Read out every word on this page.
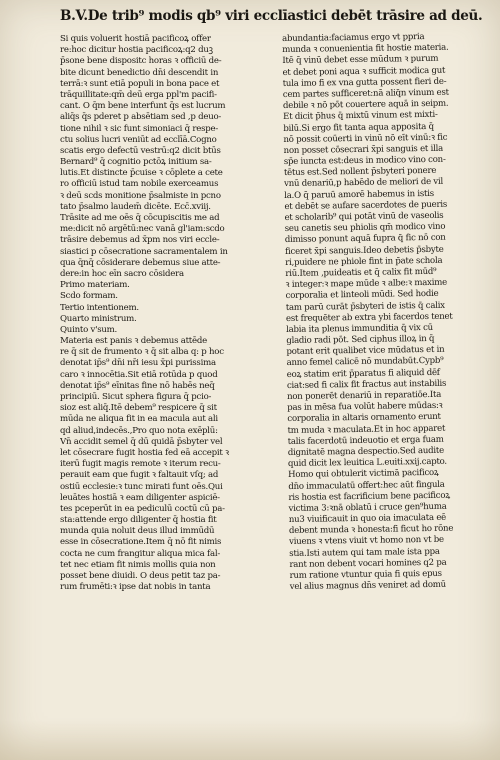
B.V.De trib⁹ modis qb⁹ viri ecclīastici debēt trāsire ad deū.
Si quis voluerit hostiā pacificoꝝ offer
re:hoc dicitur hostia pacificoꝝ:q2 duꝫ
p̄sone bene dispositc horas ꝛ officiū de-
bite dicunt benedictio dn̄i descendit in
terrā:ꝛ sunt etiā populi in bona pace et
trāquillitate:qm̄ deū erga ppl'm pacifi-
cant. O q̄m bene interfunt q̄s est lucrum
aliq̄s q̄s pderet p absētiam sed ,p deuo-
tione nihil ꝛ sic funt simoniaci q̄ respe-
ctu solius lucri veniūt ad ecclīā.Cogno
scatis ergo defectū vestrū:q2 dicit btūs
Bernard⁹ q̄ cognitio pctōꝝ initium sa-
lutis.Et distincte p̄cuise ꝛ cōplete a cete
ro officiū istud tam nobile exerceamus
ꝛ deū scd̄s monitione p̄salmiste in pcno
tato p̄salmo laudem̄ dicēte. Ecc̄.xviij.
Trāsite ad me oēs q̄ cōcupiscitis me ad
me:dicit nō argētū:nec vanā gl'iam:scdo
trāsire debemus ad x̄pm nos viri eccle-
siastici p cōsecratione sacramentalem in
qua q̄nq̄ cōsiderare debemus siue atte-
dere:in hoc eīn sacro cōsidera
Primo materiam.
Scd̄o formam.
Tertio intentionem.
Quarto ministrum.
Quinto v'sum.
Materia est panis ꝛ debemus attēde
re q̄ sit de frumento ꝛ q̄ sit alba q: p hoc
denotat ip̄s⁹ dn̄i nr̄i iesu x̄pi purissima
caro ꝛ innocētia.Sit etiā rotūda p quod
denotat ip̄s⁹ eīnitas fine nō habēs neq̄
principiū. Sicut sphera figura q̄ pcio-
sioz est aliq̄.Itē debem⁹ respicere q̄ sit
mūda ne aliqua fit in ea macula aut ali
qd aliud,indecēs.,Pro quo nota exēplū:
Vn̄ accidit semel q̄ dū quidā p̄sbyter vel
let cōsecrare fugit hostia fed eā accepit ꝛ
iterū fugit magis remote ꝛ iterum recu-
perauit eam que fugit ꝛ faltauit vſq; ad
ostiū ecclesie:ꝛ tunc mirati funt oēs.Qui
leuātes hostiā ꝛ eam diligenter aspiciē-
tes pceperūt in ea pediculū coctū cū pa-
sta:attende ergo diligenter q̄ hostia fit
munda quia noluit deus illud immūdū
esse in cōsecratione.Item q̄ nō fit nimis
cocta ne cum frangitur aliqua mica fal-
tet nec etiam fit nimis mollis quia non
posset bene diuidi. O deus petit taz pa-
rum frumēti:ꝛ ipse dat nobis in tanta
abundantia:faciamus ergo vt ppria
munda ꝛ conuenientia fit hostie materia.
Itē q̄ vinū debet esse mūdum ꝛ purum
et debet poni aqua ꝛ sufficit modica gut
tula imo fi ex vna gutta possent fieri de-
cem partes sufficeret:nā aliq̄n vinum est
debile ꝛ nō pōt couertere aquā in seipm.
Et dicit p̄hus q̄ mixtū vinum est mixti-
bilū.Si ergo fit tanta aqua apposita q̄
nō possit coūerti in vinū nō eīt vinū:ꝛ fic
non posset cōsecrari x̄pi sanguis et illa
sp̄e iuncta est:deus in modico vino con-
tētus est.Sed nollent p̄sbyteri ponere
vnū denariū,p habēdo de meliori de vil
la.O q̄ paruū amorē habemus in istis
et debēt se aufare sacerdotes de pueris
et scholarib⁹ qui potāt vinū de vaseolis
seu canetis seu phiolis qm̄ modico vino
dimisso ponunt aquā fupra q̄ fic nō con
ficeret x̄pi sanguis.Ideo debetis p̄sbyte
ri,puidere ne phiole fint in p̄ate schola
riū.Item ,puideatis et q̄ calix fit mūd⁹
ꝛ integer:ꝛ mape mūde ꝛ albe:ꝛ maxime
corporalia et linteoli mūdi. Sed hodie
tam parū curāt p̄sbyteri de istis q̄ calix
est frequēter ab extra ybi facerdos tenet
labia ita plenus immunditia q̄ vix cū
gladio radi pōt. Sed ciphus illoꝝ in q̄
potant erit qualibet vice mūdatus et in
anno femel calicē nō mundabūt.Cypb⁹
eoꝝ statim erit p̄paratus fi aliquid dēf
ciat:sed fi calix fit fractus aut instabilis
non ponerēt denariū in reparatiōe.Ita
pas in mēsa fua volūt habere mūdas:ꝛ
corporalia in altaris ornamento erunt
tm muda ꝛ maculata.Et in hoc apparet
talis facerdotū indeuotio et erga fuam
dignitatē magna despectio.Sed audite
quid dicit lex leuitica L.euiti.xxij.capto.
Homo qui obtulerit victimā pacificoꝝ
dn̄o immaculatū offert:hec aūt fingula
ris hostia est facrificium bene pacificoꝝ
victima 3:ꝛnā oblatū i cruce gen⁹huma
nu3 viuificauit in quo oia imaculata eē
debent munda ꝛ honesta:fi ficut ho rōne
viuens ꝛ vtens viuit vt homo non vt be
stia.Isti autem qui tam male ista ppa
rant non debent vocari homines q2 pa
rum ratione vtuntur quia fi quis epus
vel alius magnus dn̄s veniret ad domū
